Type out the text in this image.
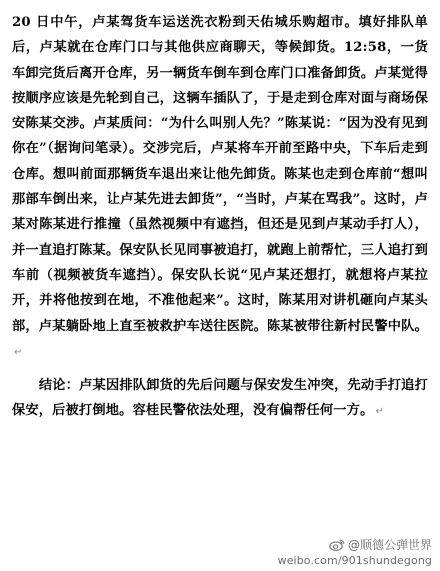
20 日中午，卢某驾货车运送洗衣粉到天佑城乐购超市。填好排队单后，卢某就在仓库门口与其他供应商聊天，等候卸货。12:58，一货车卸完货后离开仓库，另一辆货车倒车到仓库门口准备卸货。卢某觉得按顺序应该是先轮到自己，这辆车插队了，于是走到仓库对面与商场保安陈某交涉。卢某质问：“为什么叫别人先？”陈某说：“因为没有见到你在”（据询问笔录）。交涉完后，卢某将车开前至路中央，下车后走到仓库。想叫前面那辆货车退出来让他先卸货。陈某也走到仓库前“想叫那部车倒出来，让卢某先进去卸货”，“当时，卢某在骂我”。这时，卢某对陈某进行推撞（虽然视频中有遮挡，但还是见到卢某动手打人），并一直追打陈某。保安队长见同事被追打，就跑上前帮忙，三人追打到车前（视频被货车遮挡）。保安队长说“见卢某还想打，就想将卢某拉开，并将他按到在地，不准他起来”。这时，陈某用对讲机砸向卢某头部，卢某躺卧地上直至被救护车送往医院。陈某被带往新村民警中队。↵

　　结论：卢某因排队卸货的先后问题与保安发生冲突，先动手打追打保安，后被打倒地。容桂民警依法处理，没有偏帮任何一方。 ↵

@顺德公弹世界
weibo.com/901shundegong
